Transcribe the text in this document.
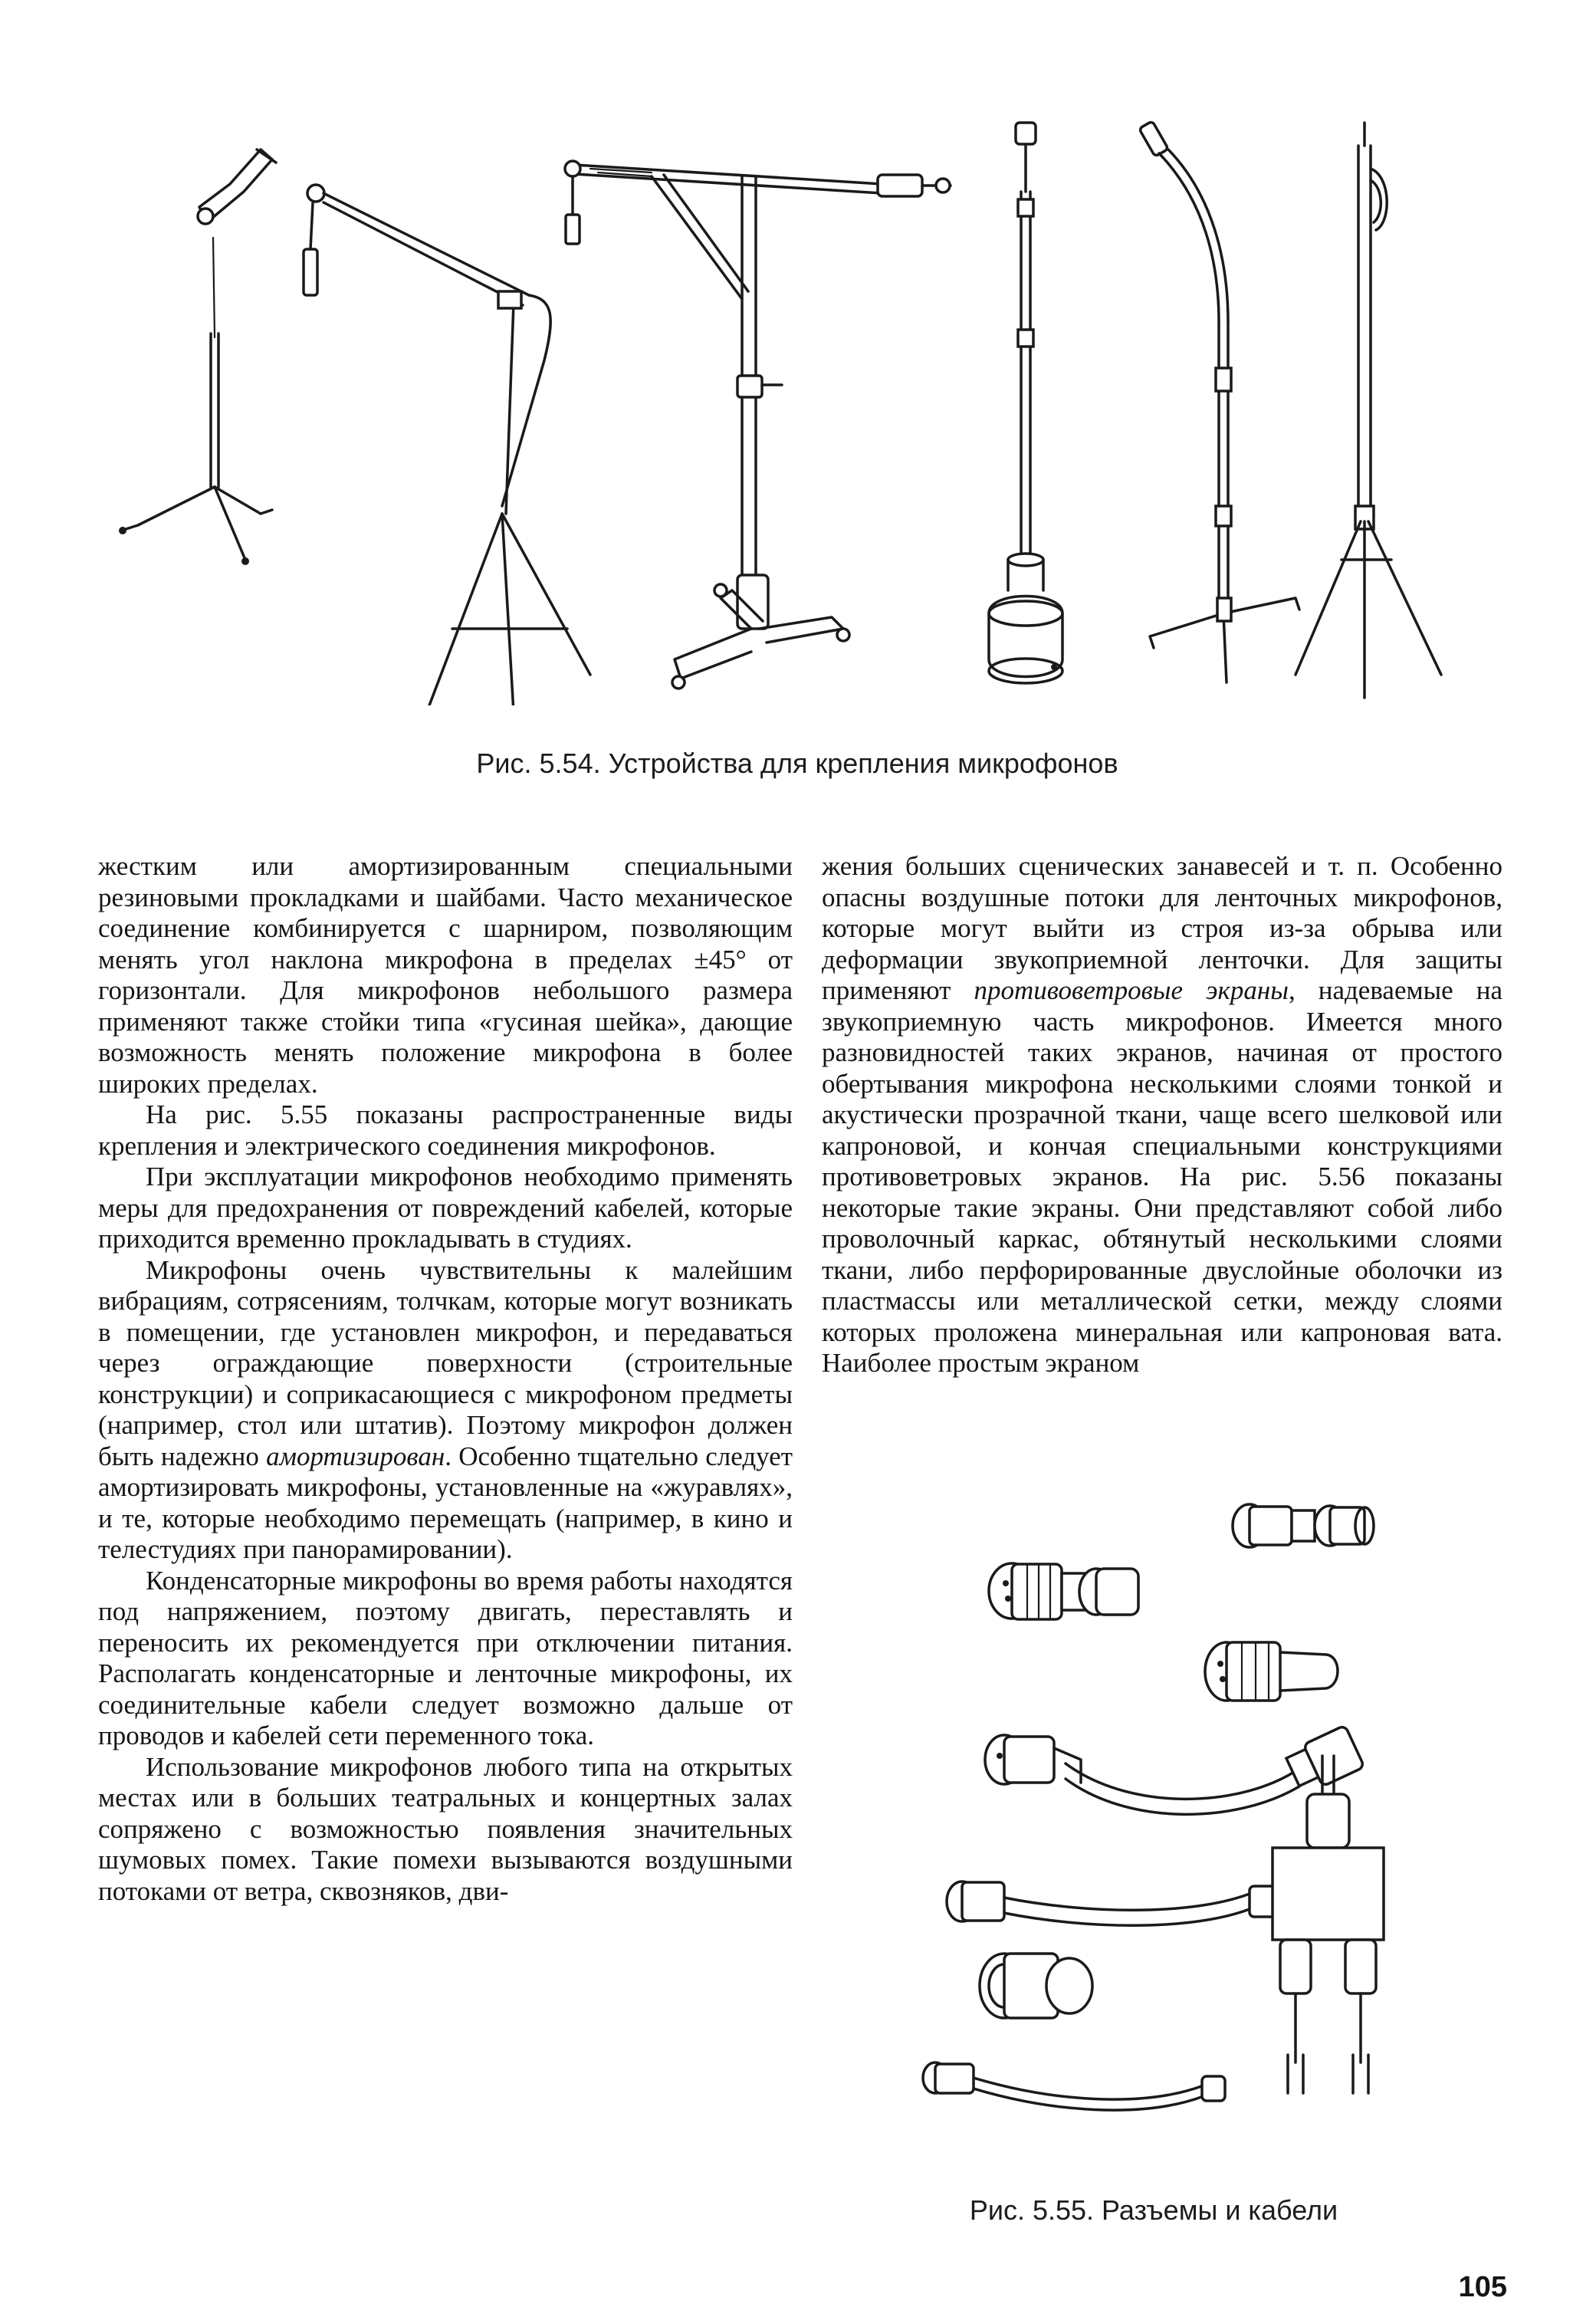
Рис. 5.54. Устройства для крепления микрофонов

жестким или амортизированным специальными резиновыми прокладками и шайбами. Часто механическое соединение комбинируется с шарниром, позволяющим менять угол наклона микрофона в пределах ±45° от горизонтали. Для микрофонов небольшого размера применяют также стойки типа «гусиная шейка», дающие возможность менять положение микрофона в более широких пределах.

На рис. 5.55 показаны распространенные виды крепления и электрического соединения микрофонов.

При эксплуатации микрофонов необходимо применять меры для предохранения от повреждений кабелей, которые приходится временно прокладывать в студиях.

Микрофоны очень чувствительны к малейшим вибрациям, сотрясениям, толчкам, которые могут возникать в помещении, где установлен микрофон, и передаваться через ограждающие поверхности (строительные конструкции) и соприкасающиеся с микрофоном предметы (например, стол или штатив). Поэтому микрофон должен быть надежно амортизирован. Особенно тщательно следует амортизировать микрофоны, установленные на «журавлях», и те, которые необходимо перемещать (например, в кино и телестудиях при панорамировании).

Конденсаторные микрофоны во время работы находятся под напряжением, поэтому двигать, переставлять и переносить их рекомендуется при отключении питания. Располагать конденсаторные и ленточные микрофоны, их соединительные кабели следует возможно дальше от проводов и кабелей сети переменного тока.

Использование микрофонов любого типа на открытых местах или в больших театральных и концертных залах сопряжено с возможностью появления значительных шумовых помех. Такие помехи вызываются воздушными потоками от ветра, сквозняков, дви-

жения больших сценических занавесей и т. п. Особенно опасны воздушные потоки для ленточных микрофонов, которые могут выйти из строя из-за обрыва или деформации звукоприемной ленточки. Для защиты применяют противоветровые экраны, надеваемые на звукоприемную часть микрофонов. Имеется много разновидностей таких экранов, начиная от простого обертывания микрофона несколькими слоями тонкой и акустически прозрачной ткани, чаще всего шелковой или капроновой, и кончая специальными конструкциями противоветровых экранов. На рис. 5.56 показаны некоторые такие экраны. Они представляют собой либо проволочный каркас, обтянутый несколькими слоями ткани, либо перфорированные двуслойные оболочки из пластмассы или металлической сетки, между слоями которых проложена минеральная или капроновая вата. Наиболее простым экраном

Рис. 5.55. Разъемы и кабели
105
